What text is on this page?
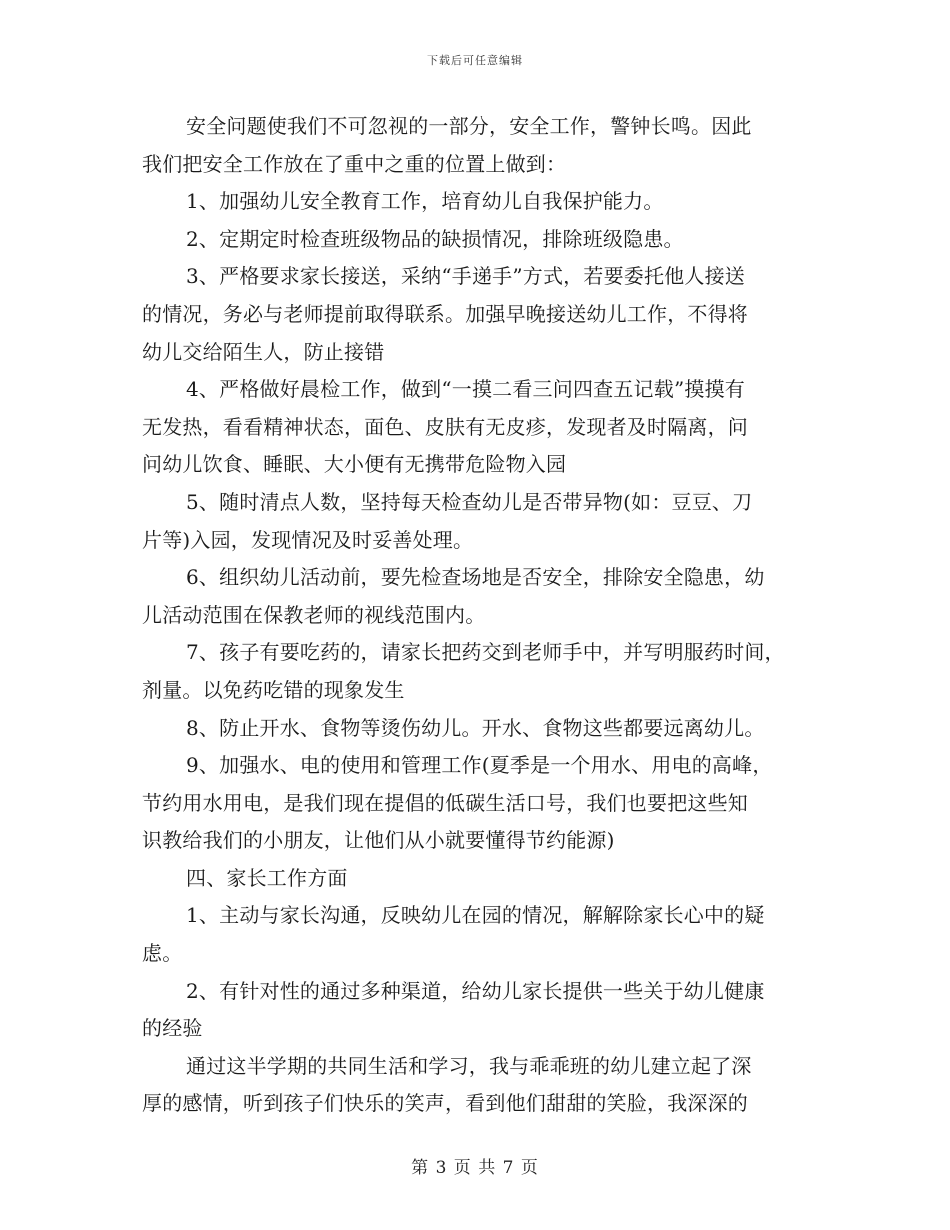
下载后可任意编辑
安全问题使我们不可忽视的一部分，安全工作，警钟长鸣。因此
我们把安全工作放在了重中之重的位置上做到：
1、加强幼儿安全教育工作，培育幼儿自我保护能力。
2、定期定时检查班级物品的缺损情况，排除班级隐患。
3、严格要求家长接送，采纳“手递手”方式，若要委托他人接送
的情况，务必与老师提前取得联系。加强早晚接送幼儿工作，不得将
幼儿交给陌生人，防止接错
4、严格做好晨检工作，做到“一摸二看三问四查五记载”摸摸有
无发热，看看精神状态，面色、皮肤有无皮疹，发现者及时隔离，问
问幼儿饮食、睡眠、大小便有无携带危险物入园
5、随时清点人数，坚持每天检查幼儿是否带异物(如：豆豆、刀
片等)入园，发现情况及时妥善处理。
6、组织幼儿活动前，要先检查场地是否安全，排除安全隐患，幼
儿活动范围在保教老师的视线范围内。
7、孩子有要吃药的，请家长把药交到老师手中，并写明服药时间，
剂量。以免药吃错的现象发生
8、防止开水、食物等烫伤幼儿。开水、食物这些都要远离幼儿。
9、加强水、电的使用和管理工作(夏季是一个用水、用电的高峰，
节约用水用电，是我们现在提倡的低碳生活口号，我们也要把这些知
识教给我们的小朋友，让他们从小就要懂得节约能源)
四、家长工作方面
1、主动与家长沟通，反映幼儿在园的情况，解解除家长心中的疑
虑。
2、有针对性的通过多种渠道，给幼儿家长提供一些关于幼儿健康
的经验
通过这半学期的共同生活和学习，我与乖乖班的幼儿建立起了深
厚的感情，听到孩子们快乐的笑声，看到他们甜甜的笑脸，我深深的
第 3 页 共 7 页
